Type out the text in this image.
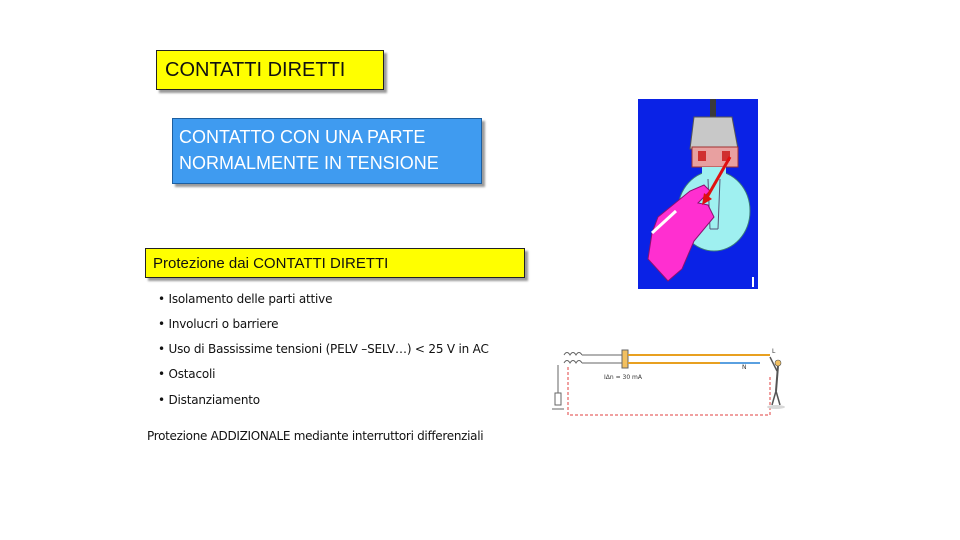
CONTATTI DIRETTI
CONTATTO CON UNA PARTE NORMALMENTE IN TENSIONE
Protezione dai CONTATTI DIRETTI
• Isolamento delle parti attive
• Involucri o barriere
• Uso di Bassissime tensioni (PELV –SELV…) < 25 V in AC
• Ostacoli
• Distanziamento
Protezione ADDIZIONALE mediante interruttori differenziali
L
N
IΔn = 30 mA
